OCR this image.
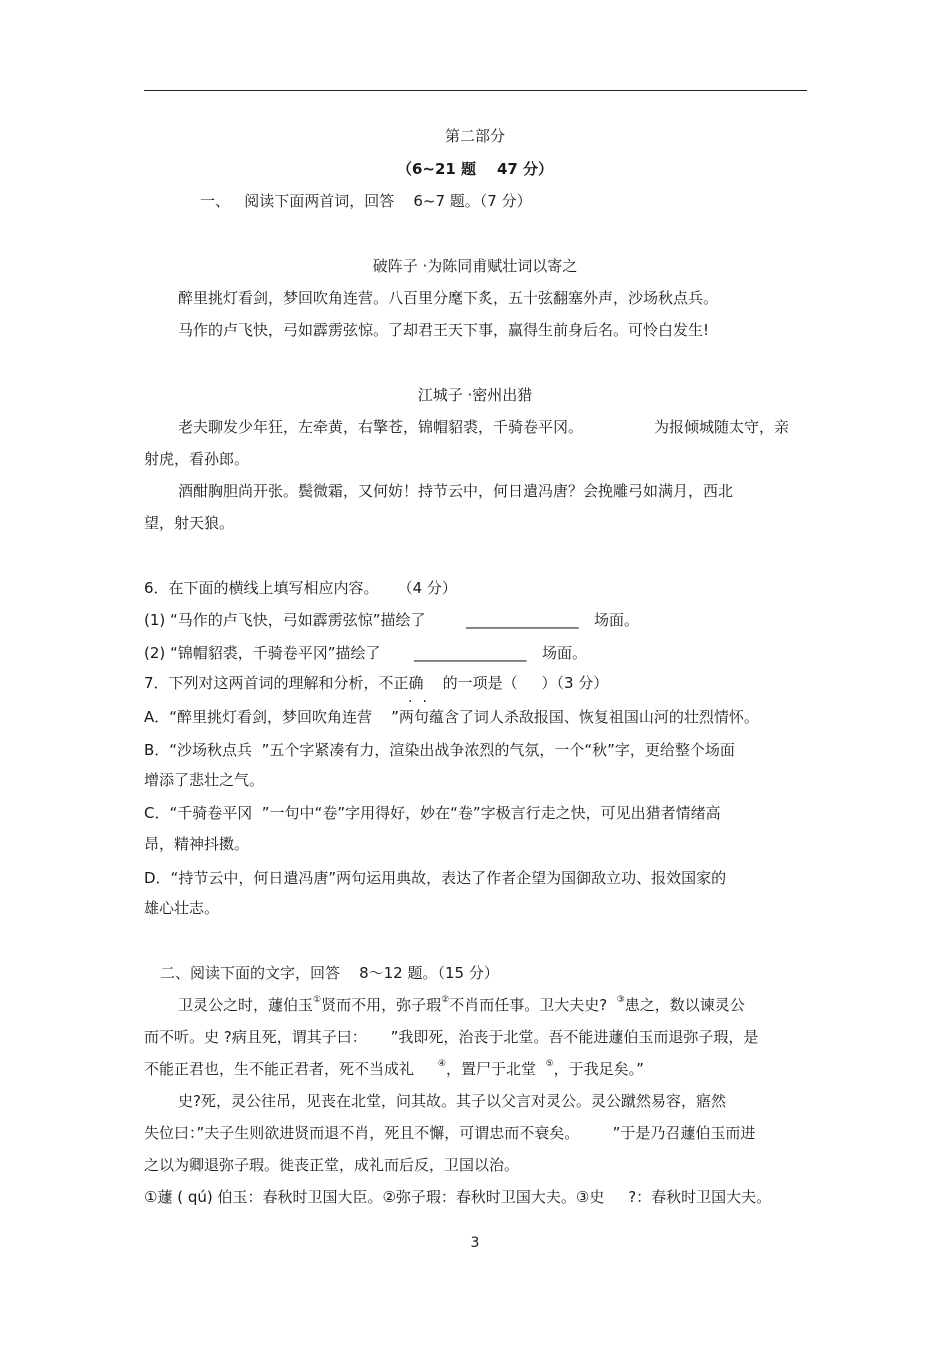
第二部分
（6~21 题    47 分）
一、   阅读下面两首词，回答    6~7 题。（7 分）
破阵子 ·为陈同甫赋壮词以寄之
醉里挑灯看剑，梦回吹角连营。八百里分麾下炙，五十弦翻塞外声，沙场秋点兵。
马作的卢飞快，弓如霹雳弦惊。了却君王天下事，赢得生前身后名。可怜白发生!
江城子 ·密州出猎
老夫聊发少年狂，左牵黄，右擎苍，锦帽貂裘，千骑卷平冈。	为报倾城随太守，亲
射虎，看孙郎。
酒酣胸胆尚开张。鬓微霜，又何妨！持节云中，何日遣冯唐？会挽雕弓如满月，西北
望，射天狼。
6．在下面的横线上填写相应内容。    （4 分）
(1) “马作的卢飞快，弓如霹雳弦惊”描绘了	_______________ 场面。
(2) “锦帽貂裘，千骑卷平冈”描绘了 _______________ 场面。
7．下列对这两首词的理解和分析，不正确    的一项是（     ）（3 分）
..
A．“醉里挑灯看剑，梦回吹角连营    ”两句蕴含了词人杀敌报国、恢复祖国山河的壮烈情怀。
B．“沙场秋点兵  ”五个字紧凑有力，渲染出战争浓烈的气氛，一个“秋”字，更给整个场面
增添了悲壮之气。
C．“千骑卷平冈  ”一句中“卷”字用得好，妙在“卷”字极言行走之快，可见出猎者情绪高
昂，精神抖擞。
D．“持节云中，何日遣冯唐”两句运用典故，表达了作者企望为国御敌立功、报效国家的
雄心壮志。
二、阅读下面的文字，回答    8～12 题。（15 分）
卫灵公之时，蘧伯玉①贤而不用，弥子瑕②不肖而任事。卫大夫史? ③患之，数以谏灵公
而不听。史 ?病且死，谓其子曰：     ”我即死，治丧于北堂。吾不能进蘧伯玉而退弥子瑕，是
不能正君也，生不能正君者，死不当成礼	④，置尸于北堂 ⑤，于我足矣。”
史?死，灵公往吊，见丧在北堂，问其故。其子以父言对灵公。灵公蹴然易容，寤然
失位曰：”夫子生则欲进贤而退不肖，死且不懈，可谓忠而不衰矣。       ”于是乃召蘧伯玉而进
之以为卿退弥子瑕。徙丧正堂，成礼而后反，卫国以治。
①蘧 ( qú) 伯玉：春秋时卫国大臣。②弥子瑕：春秋时卫国大夫。③史     ?：春秋时卫国大夫。
3
